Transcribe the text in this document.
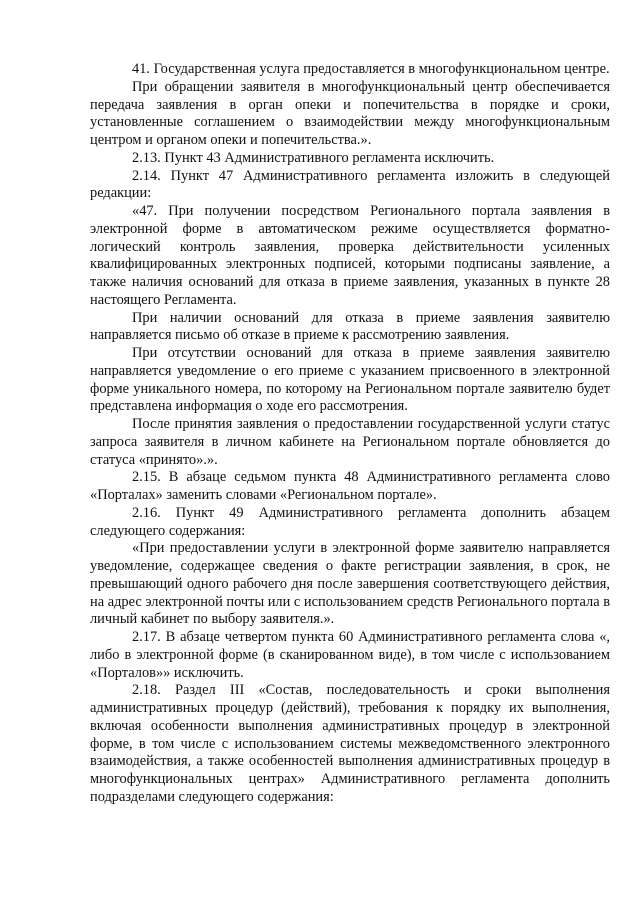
41. Государственная услуга предоставляется в многофункциональном центре.

При обращении заявителя в многофункциональный центр обеспечивается передача заявления в орган опеки и попечительства в порядке и сроки, установленные соглашением о взаимодействии между многофункциональным центром и органом опеки и попечительства.».

2.13. Пункт 43 Административного регламента исключить.

2.14. Пункт 47 Административного регламента изложить в следующей редакции:

«47. При получении посредством Регионального портала заявления в электронной форме в автоматическом режиме осуществляется форматно-логический контроль заявления, проверка действительности усиленных квалифицированных электронных подписей, которыми подписаны заявление, а также наличия оснований для отказа в приеме заявления, указанных в пункте 28 настоящего Регламента.

При наличии оснований для отказа в приеме заявления заявителю направляется письмо об отказе в приеме к рассмотрению заявления.

При отсутствии оснований для отказа в приеме заявления заявителю направляется уведомление о его приеме с указанием присвоенного в электронной форме уникального номера, по которому на Региональном портале заявителю будет представлена информация о ходе его рассмотрения.

После принятия заявления о предоставлении государственной услуги статус запроса заявителя в личном кабинете на Региональном портале обновляется до статуса «принято».».

2.15. В абзаце седьмом пункта 48 Административного регламента слово «Порталах» заменить словами «Региональном портале».

2.16. Пункт 49 Административного регламента дополнить абзацем следующего содержания:

«При предоставлении услуги в электронной форме заявителю направляется уведомление, содержащее сведения о факте регистрации заявления, в срок, не превышающий одного рабочего дня после завершения соответствующего действия, на адрес электронной почты или с использованием средств Регионального портала в личный кабинет по выбору заявителя.».

2.17. В абзаце четвертом пункта 60 Административного регламента слова «, либо в электронной форме (в сканированном виде), в том числе с использованием «Порталов»» исключить.

2.18. Раздел III «Состав, последовательность и сроки выполнения административных процедур (действий), требования к порядку их выполнения, включая особенности выполнения административных процедур в электронной форме, в том числе с использованием системы межведомственного электронного взаимодействия, а также особенностей выполнения административных процедур в многофункциональных центрах» Административного регламента дополнить подразделами следующего содержания:
